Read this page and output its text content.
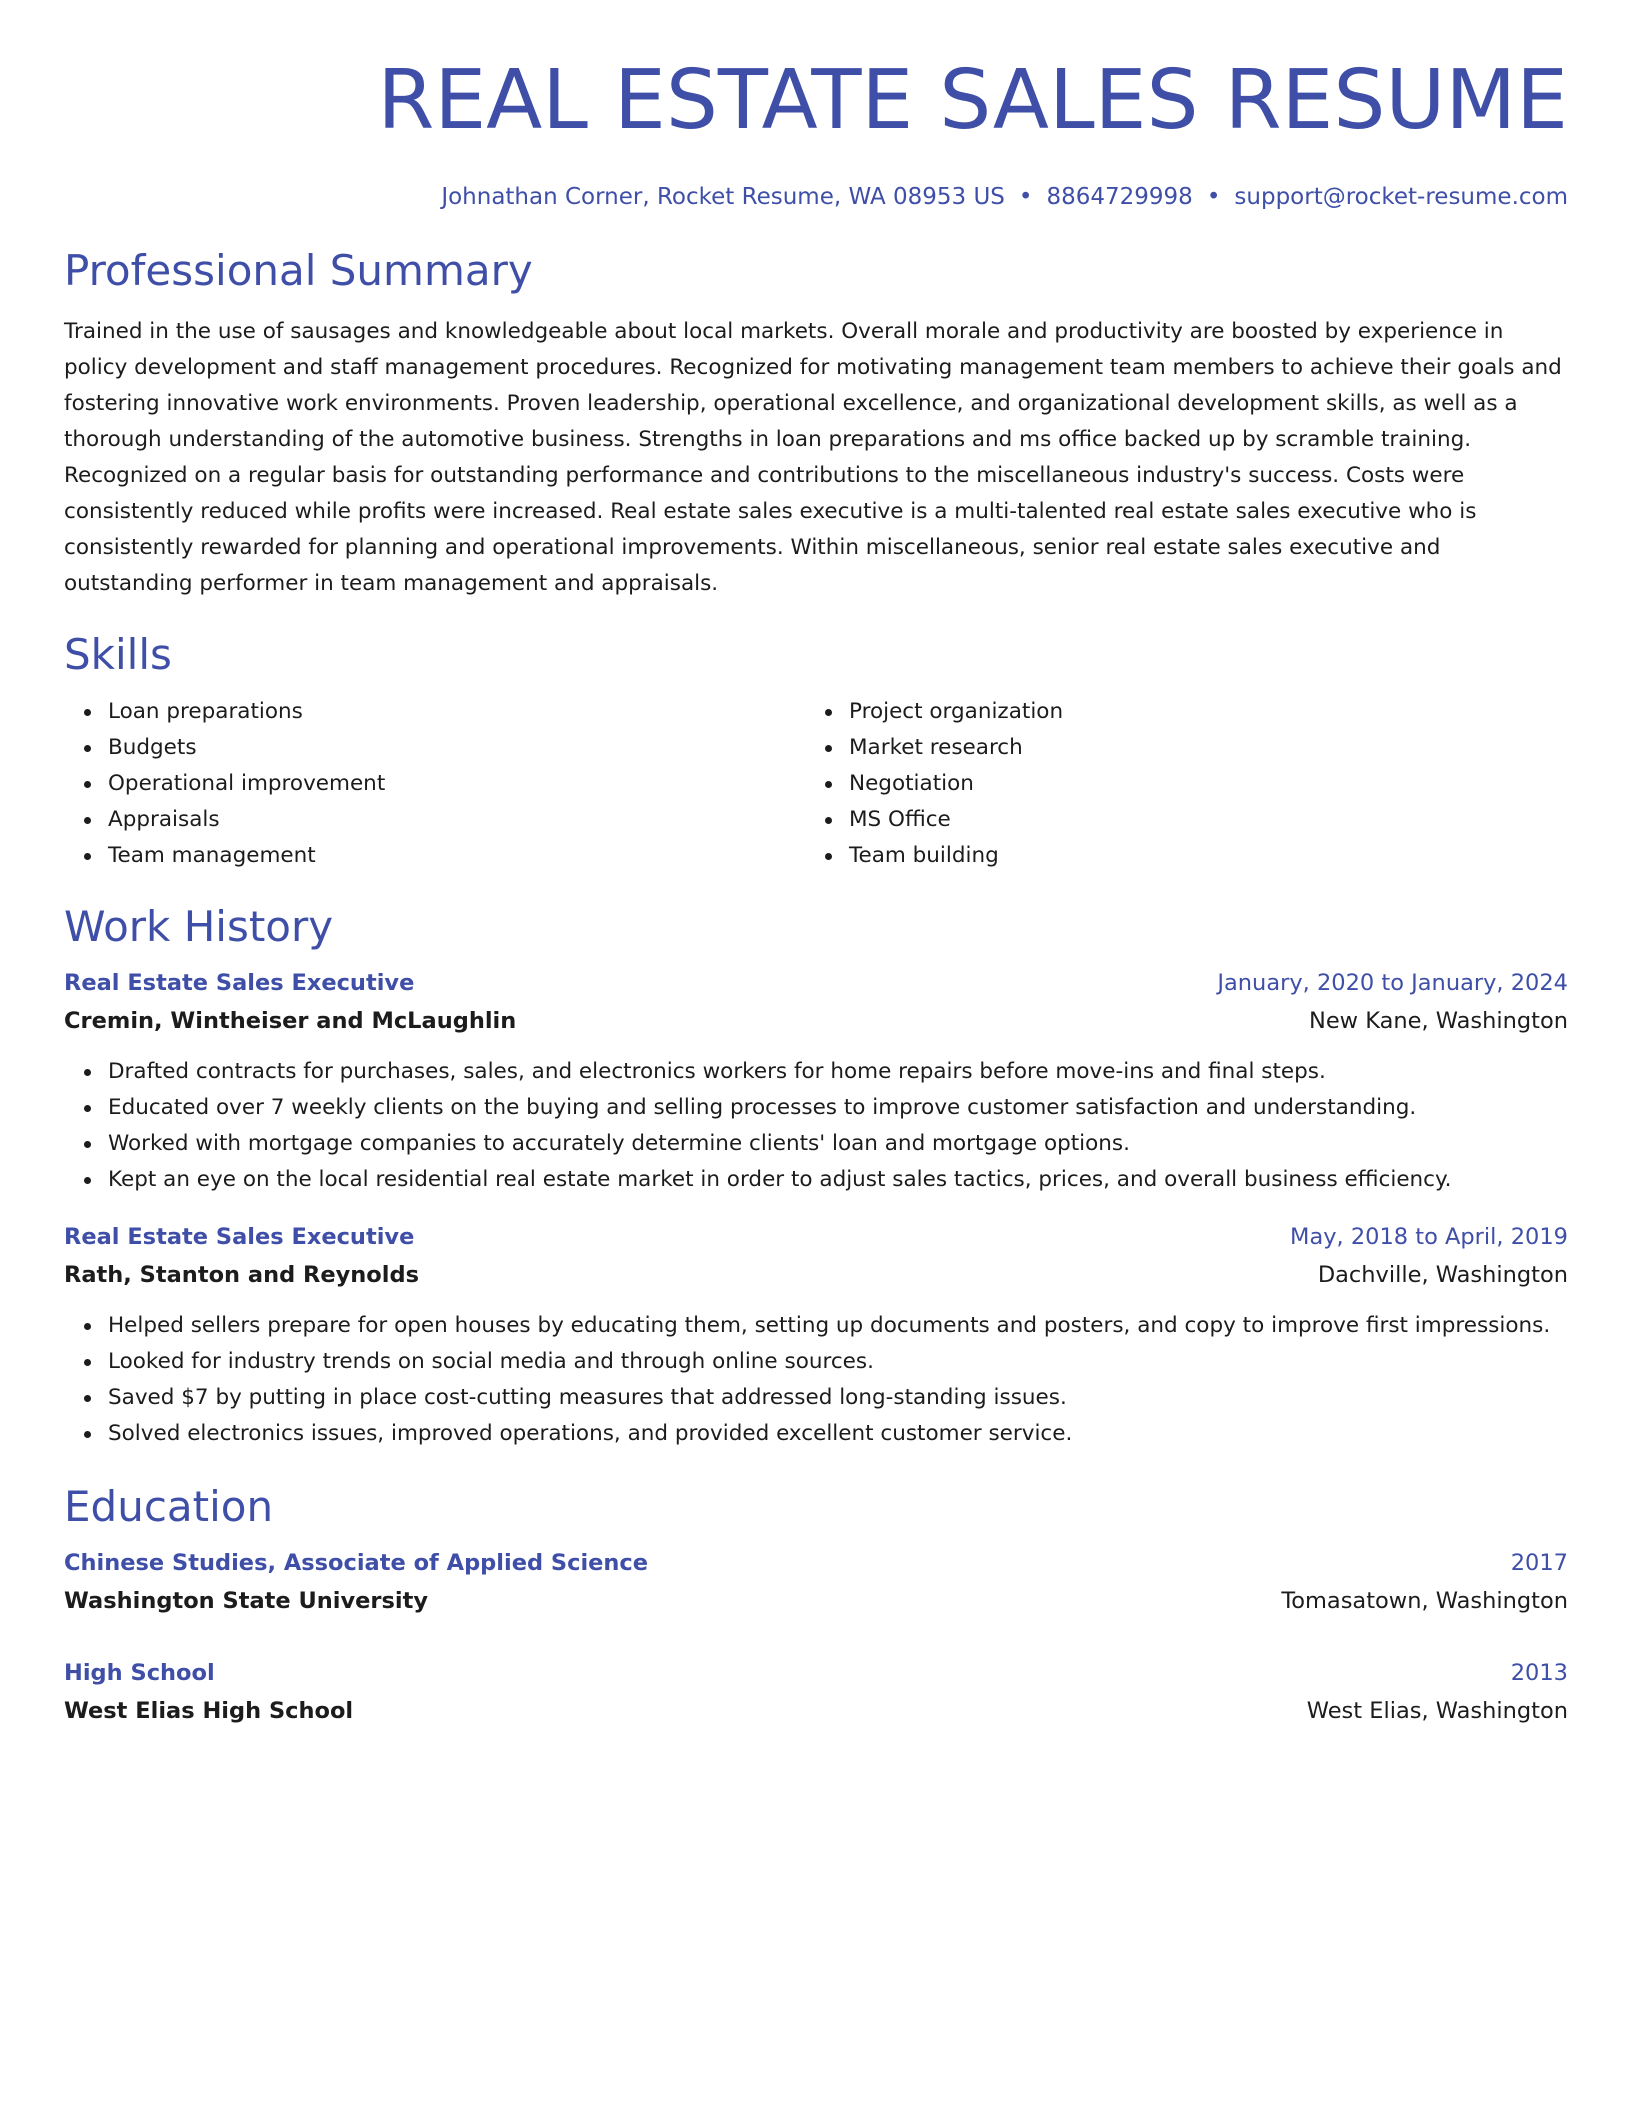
REAL ESTATE SALES RESUME
Johnathan Corner, Rocket Resume, WA 08953 US • 8864729998 • support@rocket-resume.com
Professional Summary

Trained in the use of sausages and knowledgeable about local markets. Overall morale and productivity are boosted by experience in policy development and staff management procedures. Recognized for motivating management team members to achieve their goals and fostering innovative work environments. Proven leadership, operational excellence, and organizational development skills, as well as a thorough understanding of the automotive business. Strengths in loan preparations and ms office backed up by scramble training. Recognized on a regular basis for outstanding performance and contributions to the miscellaneous industry's success. Costs were consistently reduced while profits were increased. Real estate sales executive is a multi-talented real estate sales executive who is consistently rewarded for planning and operational improvements. Within miscellaneous, senior real estate sales executive and outstanding performer in team management and appraisals.

Skills
Loan preparations
Budgets
Operational improvement
Appraisals
Team management
Project organization
Market research
Negotiation
MS Office
Team building
Work History
Real Estate Sales Executive	January, 2020 to January, 2024
Cremin, Wintheiser and McLaughlin	New Kane, Washington
Drafted contracts for purchases, sales, and electronics workers for home repairs before move-ins and final steps.
Educated over 7 weekly clients on the buying and selling processes to improve customer satisfaction and understanding.
Worked with mortgage companies to accurately determine clients' loan and mortgage options.
Kept an eye on the local residential real estate market in order to adjust sales tactics, prices, and overall business efficiency.
Real Estate Sales Executive	May, 2018 to April, 2019
Rath, Stanton and Reynolds	Dachville, Washington
Helped sellers prepare for open houses by educating them, setting up documents and posters, and copy to improve first impressions.
Looked for industry trends on social media and through online sources.
Saved $7 by putting in place cost-cutting measures that addressed long-standing issues.
Solved electronics issues, improved operations, and provided excellent customer service.
Education
Chinese Studies, Associate of Applied Science	2017
Washington State University	Tomasatown, Washington
High School	2013
West Elias High School	West Elias, Washington
